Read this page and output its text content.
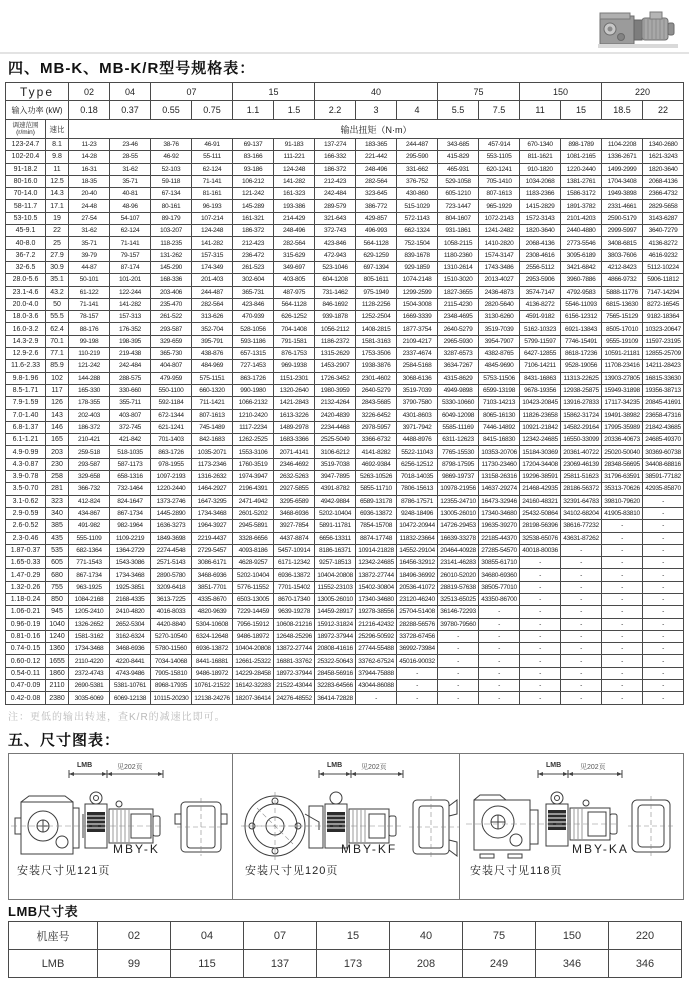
四、MB-K、MB-K/R型号规格表：
Type		02	04	07		15		40			75		150		220	
输入功率 (kW)		0.18	0.37	0.55	0.75	1.1	1.5	2.2	3	4	5.5	7.5	11	15	18.5	22
调速范围
(r/min)	速比	输出扭矩（N·m）														
123-24.7	8.1	11-23	23-46	38-76	46-91	69-137	91-183	137-274	183-365	244-487	343-685	457-914	670-1340	898-1789	1104-2208	1340-2680
102-20.4	9.8	14-28	28-55	46-92	55-111	83-166	111-221	166-332	221-442	295-590	415-829	553-1105	811-1621	1081-2165	1336-2671	1621-3243
91-18.2	11	16-31	31-62	52-103	62-124	93-186	124-248	186-372	248-496	331-662	465-931	620-1241	910-1820	1220-2440	1499-2999	1820-3640
80-16.0	12.5	18-35	35-71	59-118	71-141	106-212	141-282	212-423	282-564	376-752	529-1058	705-1410	1034-2068	1381-2761	1704-3408	2068-4136
70-14.0	14.3	20-40	40-81	67-134	81-161	121-242	161-323	242-484	323-645	430-860	605-1210	807-1613	1183-2366	1586-3172	1949-3898	2366-4732
58-11.7	17.1	24-48	48-96	80-161	96-193	145-289	193-386	289-579	386-772	515-1029	723-1447	965-1929	1415-2829	1891-3782	2331-4661	2829-5658
53-10.5	19	27-54	54-107	89-179	107-214	161-321	214-429	321-643	429-857	572-1143	804-1607	1072-2143	1572-3143	2101-4203	2590-5179	3143-6287
45-9.1	22	31-62	62-124	103-207	124-248	186-372	248-496	372-743	496-993	662-1324	931-1861	1241-2482	1820-3640	2440-4880	2999-5997	3640-7279
40-8.0	25	35-71	71-141	118-235	141-282	212-423	282-564	423-846	564-1128	752-1504	1058-2115	1410-2820	2068-4136	2773-5546	3408-6815	4136-8272
36-7.2	27.9	39-79	79-157	131-262	157-315	236-472	315-629	472-943	629-1259	839-1678	1180-2360	1574-3147	2308-4616	3095-6189	3803-7606	4616-9232
32-6.5	30.9	44-87	87-174	145-290	174-349	261-523	349-697	523-1046	697-1394	929-1859	1310-2614	1743-3486	2556-5112	3421-6842	4212-8423	5112-10224
28.0-5.6	35.1	50-101	101-201	168-336	201-403	302-604	403-805	604-1208	805-1611	1074-2148	1510-3020	2013-4027	2953-5906	3960-7886	4866-9732	5906-11812
23.1-4.6	43.2	61-122	122-244	203-406	244-487	365-731	487-975	731-1462	975-1949	1299-2599	1827-3655	2436-4873	3574-7147	4792-9583	5888-11776	7147-14294
20.0-4.0	50	71-141	141-282	235-470	282-564	423-846	564-1128	846-1692	1128-2256	1504-3008	2115-4230	2820-5640	4136-8272	5546-11093	6815-13630	8272-16545
18.0-3.6	55.5	78-157	157-313	261-522	313-626	470-939	626-1252	939-1878	1252-2504	1669-3339	2348-4695	3130-6260	4591-9182	6156-12312	7565-15129	9182-18364
16.0-3.2	62.4	88-176	176-352	293-587	352-704	528-1056	704-1408	1056-2112	1408-2815	1877-3754	2640-5279	3519-7039	5162-10323	6921-13843	8505-17010	10323-20647
14.3-2.9	70.1	99-198	198-395	329-659	395-791	593-1186	791-1581	1186-2372	1581-3163	2109-4217	2965-5930	3954-7907	5799-11597	7746-15491	9555-19109	11597-23195
12.9-2.6	77.1	110-219	219-438	365-730	438-876	657-1315	876-1753	1315-2629	1753-3506	2337-4674	3287-6573	4382-8765	6427-12855	8618-17236	10591-21181	12855-25709
11.6-2.33	85.9	121-242	242-484	404-807	484-969	727-1453	969-1938	1453-2907	1938-3876	2584-5168	3634-7267	4845-9690	7106-14211	9528-19056	11708-23416	14211-28423
9.8-1.96	102	144-288	288-575	479-959	575-1151	863-1726	1151-2301	1726-3452	2301-4602	3068-6136	4315-8629	5753-11506	8431-16863	11313-22625	13903-27805	16815-33630
8.5-1.71	117	165-330	330-660	550-1100	660-1320	990-1980	1320-2640	1980-3959	2640-5279	3519-7039	4949-9898	6599-13198	9678-19356	12938-25875	15949-31898	19356-38713
7.9-1.59	126	178-355	355-711	592-1184	711-1421	1066-2132	1421-2843	2132-4264	2843-5685	3790-7580	5330-10660	7103-14213	10423-20845	13916-27833	17117-34235	20845-41691
7.0-1.40	143	202-403	403-807	672-1344	807-1613	1210-2420	1613-3226	2420-4839	3226-6452	4301-8603	6049-12098	8065-16130	11826-23658	15862-31724	19491-38982	23658-47316
6.8-1.37	146	186-372	372-745	621-1241	745-1489	1117-2234	1489-2978	2234-4468	2978-5957	3971-7942	5585-11169	7446-14892	10921-21842	14582-29164	17995-35989	21842-43685
6.1-1.21	165	210-421	421-842	701-1403	842-1683	1262-2525	1683-3366	2525-5049	3366-6732	4488-8976	6311-12623	8415-16830	12342-24685	16550-33099	20336-40673	24685-49370
4.9-0.99	203	259-518	518-1035	863-1726	1035-2071	1553-3106	2071-4141	3106-6212	4141-8282	5522-11043	7765-15530	10353-20706	15184-30369	20361-40722	25020-50040	30369-60738
4.3-0.87	230	293-587	587-1173	978-1955	1173-2346	1760-3519	2346-4692	3519-7038	4692-9384	6256-12512	8798-17595	11730-23460	17204-34408	23069-46139	28348-56695	34408-68816
3.9-0.78	258	329-658	658-1316	1097-2193	1316-2632	1974-3947	2632-5263	3947-7895	5263-10526	7018-14035	9869-19737	13158-26316	19296-38591	25811-51623	31796-63591	38591-77182
3.5-0.70	281	366-732	732-1464	1220-2440	1464-2927	2196-4391	2927-5855	4391-8782	5855-11710	7806-15613	10978-21956	14637-29274	21468-42935	28186-56372	35313-70626	42935-85870
3.1-0.62	323	412-824	824-1647	1373-2746	1647-3295	2471-4942	3295-6589	4942-9884	6589-13178	8786-17571	12355-24710	16473-32946	24160-48321	32391-64783	39810-79620	-
2.9-0.59	340	434-867	867-1734	1445-2890	1734-3468	2601-5202	3468-6936	5202-10404	6936-13872	9248-18496	13005-26010	17340-34680	25432-50864	34102-68204	41905-83810	-
2.6-0.52	385	491-982	982-1964	1636-3273	1964-3927	2945-5891	3927-7854	5891-11781	7854-15708	10472-20944	14726-29453	19635-39270	28198-56396	38616-77232	-	-
2.3-0.46	435	555-1109	1109-2219	1849-3698	2219-4437	3328-6656	4437-8874	6656-13311	8874-17748	11832-23664	16639-33278	22185-44370	32538-65076	43631-87262	-	-
1.87-0.37	535	682-1364	1364-2729	2274-4548	2729-5457	4093-8186	5457-10914	8186-16371	10914-21828	14552-29104	20464-40928	27285-54570	40018-80036	-	-	-
1.65-0.33	605	771-1543	1543-3086	2571-5143	3086-6171	4628-9257	6171-12342	9257-18513	12342-24685	16456-32912	23141-46283	30855-61710	-	-	-	-
1.47-0.29	680	867-1734	1734-3468	2890-5780	3468-6936	5202-10404	6936-13872	10404-20808	13872-27744	18496-36992	26010-52020	34680-69360	-	-	-	-
1.32-0.26	755	963-1925	1925-3851	3209-6418	3851-7701	5776-11552	7701-15402	11552-23103	15402-30804	20536-41072	28819-57638	38505-77010	-	-	-	-
1.18-0.24	850	1084-2168	2168-4335	3613-7225	4335-8670	6503-13005	8670-17340	13005-26010	17340-34680	23120-46240	32513-65025	43350-86700	-	-	-	-
1.06-0.21	945	1205-2410	2410-4820	4016-8033	4820-9639	7229-14459	9639-19278	14459-28917	19278-38556	25704-51408	36146-72293	-	-	-	-	-
0.96-0.19	1040	1326-2652	2652-5304	4420-8840	5304-10608	7956-15912	10608-21216	15912-31824	21216-42432	28288-56576	39780-79560	-	-	-	-	-
0.81-0.16	1240	1581-3162	3162-6324	5270-10540	6324-12648	9486-18972	12648-25296	18972-37944	25296-50592	33728-67456	-	-	-	-	-	-
0.74-0.15	1360	1734-3468	3468-6936	5780-11560	6936-13872	10404-20808	13872-27744	20808-41616	27744-55488	36992-73984	-	-	-	-	-	-
0.60-0.12	1655	2110-4220	4220-8441	7034-14068	8441-16881	12661-25322	16881-33762	25322-50643	33762-67524	45016-90032	-	-	-	-	-	-
0.54-0.11	1860	2372-4743	4743-9486	7905-15810	9486-18972	14229-28458	18972-37944	28458-56916	37944-75888	-	-	-	-	-	-	-
0.47-0.09	2110	2690-5381	5381-10761	8968-17935	10761-21522	16142-32283	21522-43044	32283-64566	43044-86088	-	-	-	-	-	-	-
0.42-0.08	2380	3035-6069	6069-12138	10115-20230	12138-24276	18207-36414	24276-48552	36414-72828	-	-	-	-	-	-	-	-
注：更低的输出转速，查K/R的减速比即可。
五、尺寸图表：
LMB	见202页
MBY-K
安装尺寸见121页
LMB	见202页
MBY-KF
安装尺寸见120页
LMB	见202页
MBY-KA
安装尺寸见118页
LMB尺寸表
机座号	02	04	07	15	40	75	150	220
LMB	99	115	137	173	208	249	346	346
